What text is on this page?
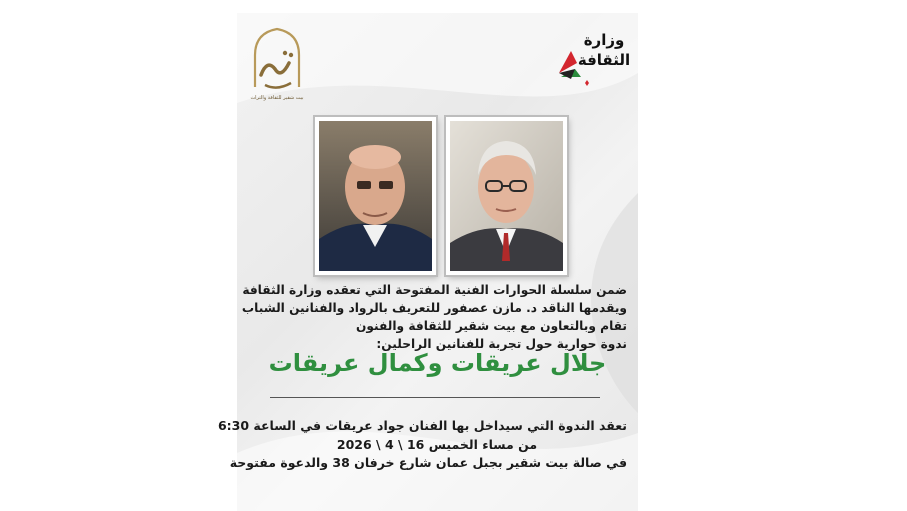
بيت شقير للثقافة والتراث
وزارة
الثقافة
ضمن سلسلة الحوارات الفنية المفتوحة التي تعقده وزارة الثقافة
ويقدمها الناقد د. مازن عصفور للتعريف بالرواد والفنانين الشباب
تقام وبالتعاون مع بيت شقير للثقافة والفنون
ندوة حوارية حول تجربة للفنانين الراحلين:
جلال عريقات وكمال عريقات
تعقد الندوة التي سيداخل بها الفنان جواد عريقات في الساعة 6:30
من مساء الخميس 16 \ 4 \ 2026
في صالة بيت شقير بجبل عمان شارع خرفان 38 والدعوة مفتوحة
